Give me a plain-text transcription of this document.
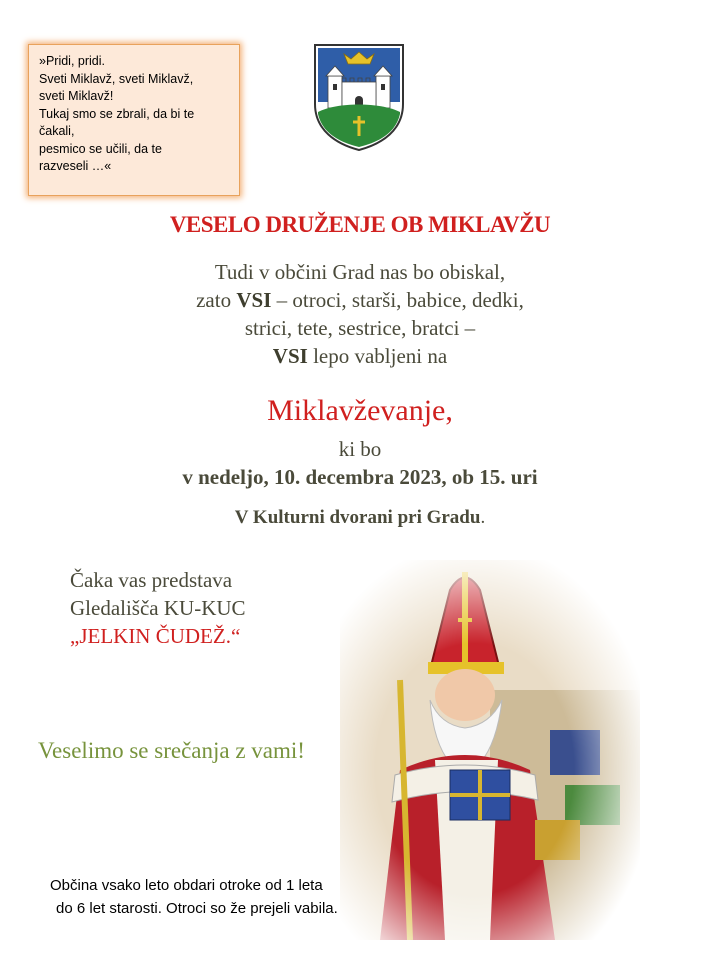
»Pridi, pridi.
Sveti Miklavž, sveti Miklavž,
sveti Miklavž!
Tukaj smo se zbrali, da bi te
čakali,
pesmico se učili, da te
razveseli …«
VESELO DRUŽENJE OB MIKLAVŽU
Tudi v občini Grad nas bo obiskal,
zato VSI – otroci, starši, babice, dedki,
strici, tete, sestrice, bratci –
VSI lepo vabljeni na
Miklavževanje,
ki bo
v nedeljo, 10. decembra 2023, ob 15. uri
V Kulturni dvorani pri Gradu.
Čaka vas predstava
Gledališča KU-KUC
„JELKIN ČUDEŽ.“
Veselimo se srečanja z vami!
Občina vsako leto obdari otroke od 1 leta
do 6 let starosti. Otroci so že prejeli vabila.
